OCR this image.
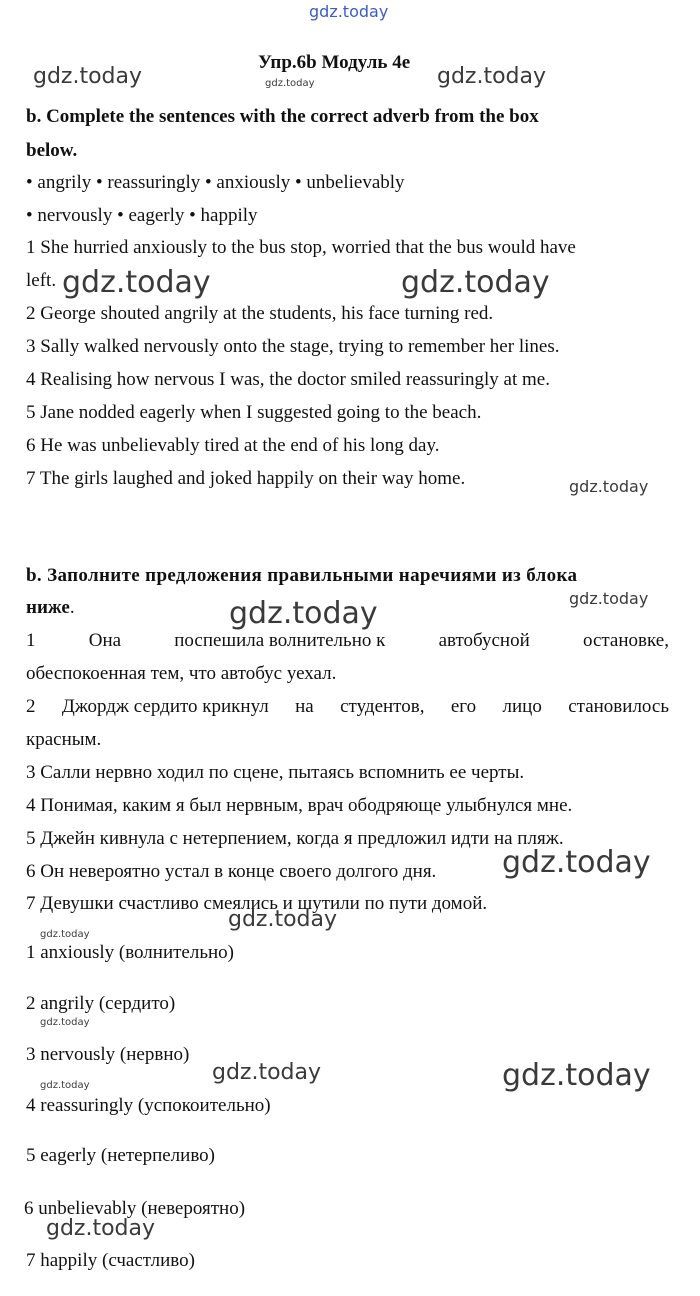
gdz.today
gdz.today	gdz.today	gdz.today
gdz.today	gdz.today
gdz.today
gdz.today
gdz.today
gdz.today
gdz.today
gdz.today
gdz.today
gdz.today
gdz.today
gdz.today
gdz.today
Упр.6b Модуль 4е
b. Complete the sentences with the correct adverb from the box
below.
• angrily • reassuringly • anxiously • unbelievably
• nervously • eagerly • happily
1 She hurried anxiously to the bus stop, worried that the bus would have
left.
2 George shouted angrily at the students, his face turning red.
3 Sally walked nervously onto the stage, trying to remember her lines.
4 Realising how nervous I was, the doctor smiled reassuringly at me.
5 Jane nodded eagerly when I suggested going to the beach.
6 He was unbelievably tired at the end of his long day.
7 The girls laughed and joked happily on their way home.
b. Заполните предложения правильными наречиями из блока
ниже.
1	Она	поспешила волнительно к	автобусной	остановке,
обеспокоенная тем, что автобус уехал.
2 Джордж сердито крикнул на студентов, его лицо становилось
красным.
3 Салли нервно ходил по сцене, пытаясь вспомнить ее черты.
4 Понимая, каким я был нервным, врач ободряюще улыбнулся мне.
5 Джейн кивнула с нетерпением, когда я предложил идти на пляж.
6 Он невероятно устал в конце своего долгого дня.
7 Девушки счастливо смеялись и шутили по пути домой.
1 anxiously (волнительно)
2 angrily (сердито)
3 nervously (нервно)
4 reassuringly (успокоительно)
5 eagerly (нетерпеливо)
6 unbelievably (невероятно)
7 happily (счастливо)
